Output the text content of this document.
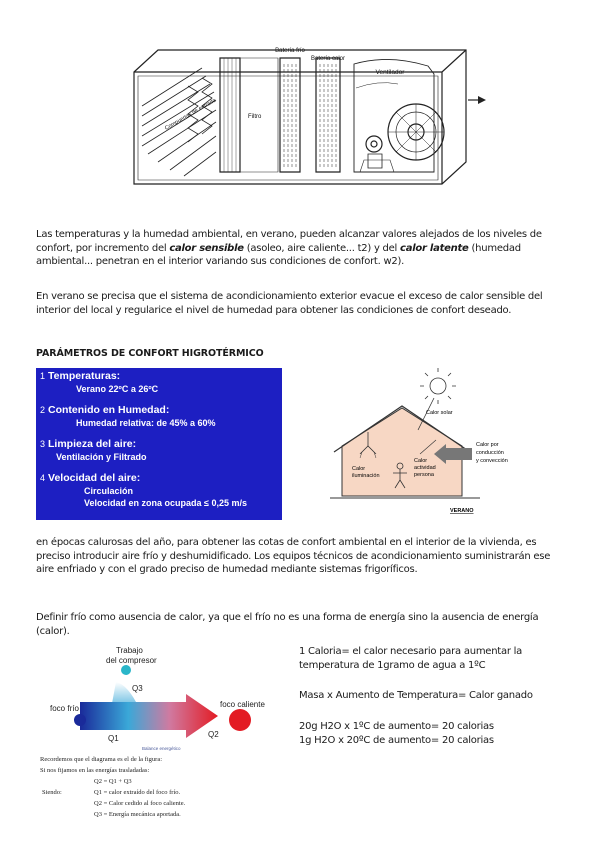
Batería frío
Batería calor
Ventilador
Filtro
Compuertas de entrada
Las temperaturas y la humedad ambiental, en verano, pueden alcanzar valores alejados de los niveles de confort, por incremento del calor sensible (asoleo, aire caliente... t2) y del calor latente (humedad ambiental... penetran en el interior variando sus condiciones de confort. w2).
En verano se precisa que el sistema de acondicionamiento exterior evacue el exceso de calor sensible del interior del local y regularice el nivel de humedad para obtener las condiciones de confort deseado.
PARÁMETROS DE CONFORT HIGROTÉRMICO
1 Temperaturas:
Verano 22ºC a 26ºC
2 Contenido en Humedad:
Humedad relativa: de 45% a 60%
3 Limpieza del aire:
Ventilación y Filtrado
4 Velocidad del aire:
Circulación
Velocidad en zona ocupada ≤ 0,25 m/s
Calor solar
Calor por
conducción
y convección
Calor
iluminación
Calor
actividad
persona
VERANO
en épocas calurosas del año, para obtener las cotas de confort ambiental en el interior de la vivienda, es preciso introducir aire frío y deshumidificado. Los equipos técnicos de acondicionamiento suministrarán ese aire enfriado y con el grado preciso de humedad mediante sistemas frigoríficos.
Definir frío como ausencia de calor, ya que el frío no es una forma de energía sino la ausencia de energía (calor).
Trabajo
del compresor
Q3
foco frío	foco caliente
Q1	Q2
Balance energético
Recordemos que el diagrama es el de la figura:
Si nos fijamos en las energías trasladadas:
Q2 = Q1 + Q3
Siendo:	Q1 = calor extraído del foco frío.
Q2 = Calor cedido al foco caliente.
Q3 = Energía mecánica aportada.
1 Caloria= el calor necesario para aumentar la temperatura de 1gramo de agua a 1ºC
Masa x Aumento de Temperatura= Calor ganado
20g H2O x 1ºC de aumento= 20 calorias
1g H2O x 20ºC de aumento= 20 calorias
